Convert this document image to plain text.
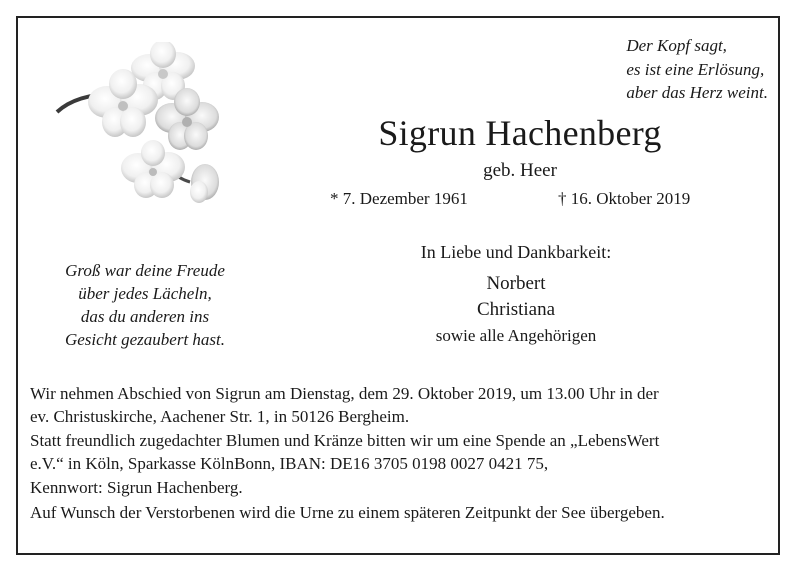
Der Kopf sagt,
es ist eine Erlösung,
aber das Herz weint.
Sigrun Hachenberg
geb. Heer
* 7. Dezember 1961	† 16. Oktober 2019
In Liebe und Dankbarkeit:
Norbert
Christiana
sowie alle Angehörigen
Groß war deine Freude
über jedes Lächeln,
das du anderen ins
Gesicht gezaubert hast.
Wir nehmen Abschied von Sigrun am Dienstag, dem 29. Oktober 2019, um 13.00 Uhr in der
ev. Christuskirche, Aachener Str. 1, in 50126 Bergheim.
Statt freundlich zugedachter Blumen und Kränze bitten wir um eine Spende an „LebensWert
e.V.“ in Köln, Sparkasse KölnBonn, IBAN: DE16 3705 0198 0027 0421 75,
Kennwort: Sigrun Hachenberg.
Auf Wunsch der Verstorbenen wird die Urne zu einem späteren Zeitpunkt der See übergeben.
